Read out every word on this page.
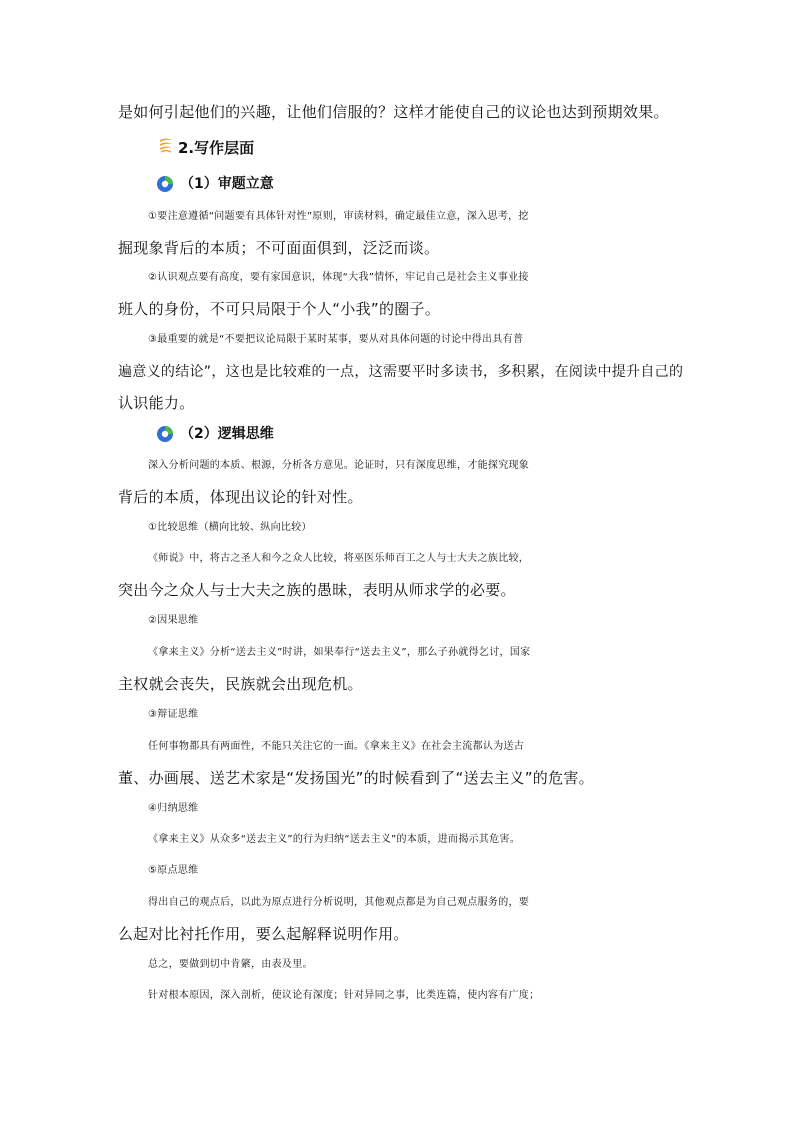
是如何引起他们的兴趣，让他们信服的？这样才能使自己的议论也达到预期效果。
2.写作层面
（1）审题立意
①要注意遵循“问题要有具体针对性”原则，审读材料，确定最佳立意，深入思考，挖
掘现象背后的本质；不可面面俱到，泛泛而谈。
②认识观点要有高度，要有家国意识，体现“大我”情怀，牢记自己是社会主义事业接
班人的身份，不可只局限于个人“小我”的圈子。
③最重要的就是“不要把议论局限于某时某事，要从对具体问题的讨论中得出具有普
遍意义的结论”，这也是比较难的一点，这需要平时多读书，多积累，在阅读中提升自己的
认识能力。
（2）逻辑思维
深入分析问题的本质、根源，分析各方意见。论证时，只有深度思维，才能探究现象
背后的本质，体现出议论的针对性。
①比较思维（横向比较、纵向比较）
《师说》中，将古之圣人和今之众人比较，将巫医乐师百工之人与士大夫之族比较，
突出今之众人与士大夫之族的愚昧，表明从师求学的必要。
②因果思维
《拿来主义》分析“送去主义”时讲，如果奉行“送去主义”，那么子孙就得乞讨，国家
主权就会丧失，民族就会出现危机。
③辩证思维
任何事物都具有两面性，不能只关注它的一面。《拿来主义》在社会主流都认为送古
董、办画展、送艺术家是“发扬国光”的时候看到了“送去主义”的危害。
④归纳思维
《拿来主义》从众多“送去主义”的行为归纳“送去主义”的本质，进而揭示其危害。
⑤原点思维
得出自己的观点后，以此为原点进行分析说明，其他观点都是为自己观点服务的，要
么起对比衬托作用，要么起解释说明作用。
总之，要做到切中肯綮，由表及里。
针对根本原因，深入剖析，使议论有深度；针对异同之事，比类连篇，使内容有广度；
